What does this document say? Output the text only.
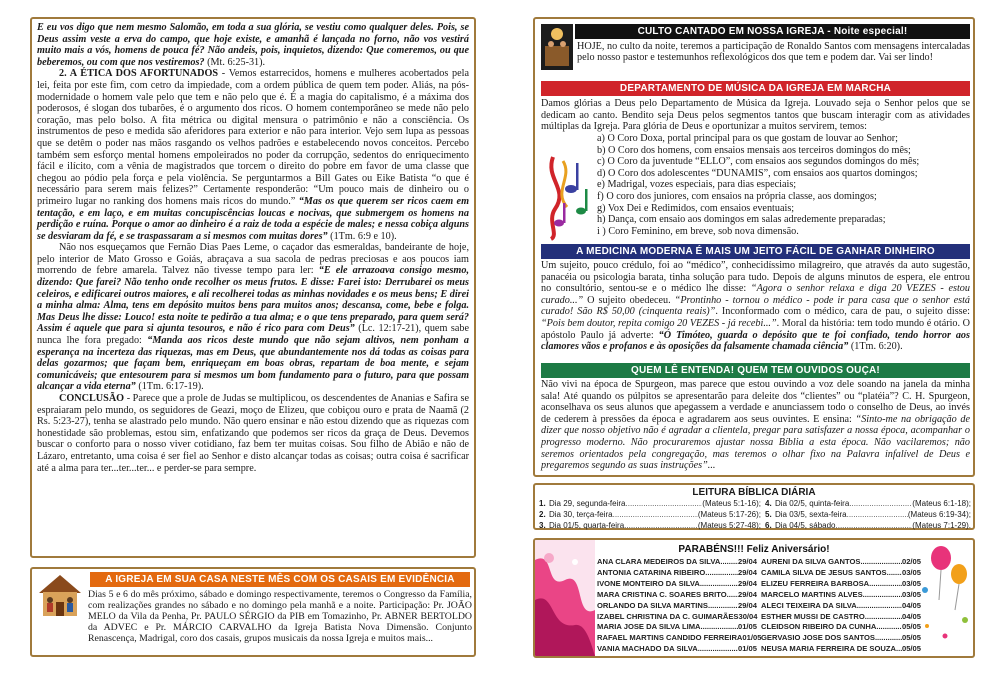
E eu vos digo que nem mesmo Salomão, em toda a sua glória, se vestiu como qualquer deles. Pois, se Deus assim veste a erva do campo, que hoje existe, e amanhã é lançada no forno, não vos vestirá muito mais a vós, homens de pouca fé? Não andeis, pois, inquietos, dizendo: Que comeremos, ou que beberemos, ou com que nos vestiremos? (Mt. 6:25-31).

2. A ÉTICA DOS AFORTUNADOS - Vemos estarrecidos, homens e mulheres acobertados pela lei, feita por este fim, com cetro da impiedade, com a ordem pública de quem tem poder. Aliás, na pós-modernidade o homem vale pelo que tem e não pelo que é. É a magia do capitalismo, é a máxima dos poderosos, é slogan dos tubarões, é o argumento dos ricos. O homem contemporâneo se mede não pelo coração, mas pelo bolso. A fita métrica ou digital mensura o patrimônio e não a consciência. Os instrumentos de peso e medida são aferidores para exterior e não para interior. Vejo sem lupa as pessoas que se detêm o poder nas mãos rasgando os velhos padrões e estabelecendo novos conceitos. Percebo também sem esforço mental homens empoleirados no poder da corrupção, sedentos do enriquecimento fácil e ilícito, com a vênia de magistrados que torcem o direito do pobre em favor de uma classe que chegou ao pódio pela força e pela violência. Se perguntarmos a Bill Gates ou Eike Batista “o que é necessário para serem mais felizes?” Certamente responderão: “Um pouco mais de dinheiro ou o primeiro lugar no ranking dos homens mais ricos do mundo.” “Mas os que querem ser ricos caem em tentação, e em laço, e em muitas concupiscências loucas e nocivas, que submergem os homens na perdição e ruína. Porque o amor ao dinheiro é a raiz de toda a espécie de males; e nessa cobiça alguns se desviaram da fé, e se traspassaram a si mesmos com muitas dores” (1Tm. 6:9 e 10).

Não nos esqueçamos que Fernão Dias Paes Leme, o caçador das esmeraldas, bandeirante de hoje, pelo interior de Mato Grosso e Goiás, abraçava a sua sacola de pedras preciosas e aos poucos iam morrendo de febre amarela. Talvez não tivesse tempo para ler: “E ele arrazoava consigo mesmo, dizendo: Que farei? Não tenho onde recolher os meus frutos. E disse: Farei isto: Derrubarei os meus celeiros, e edificarei outros maiores, e ali recolherei todas as minhas novidades e os meus bens; E direi a minha alma: Alma, tens em depósito muitos bens para muitos anos; descansa, come, bebe e folga. Mas Deus lhe disse: Louco! esta noite te pedirão a tua alma; e o que tens preparado, para quem será? Assim é aquele que para si ajunta tesouros, e não é rico para com Deus” (Lc. 12:17-21), quem sabe nunca lhe fora pregado: “Manda aos ricos deste mundo que não sejam altivos, nem ponham a esperança na incerteza das riquezas, mas em Deus, que abundantemente nos dá todas as coisas para delas gozarmos; que façam bem, enriqueçam em boas obras, repartam de boa mente, e sejam comunicáveis; que entesourem para si mesmos um bom fundamento para o futuro, para que possam alcançar a vida eterna” (1Tm. 6:17-19).

CONCLUSÃO - Parece que a prole de Judas se multiplicou, os descendentes de Ananias e Safira se espraiaram pelo mundo, os seguidores de Geazi, moço de Elizeu, que cobiçou ouro e prata de Naamã (2 Rs. 5:23-27), tenha se alastrado pelo mundo. Não quero ensinar e não estou dizendo que as riquezas com honestidade são problemas, estou sim, enfatizando que podemos ser ricos da graça de Deus. Devemos buscar o conforto para o nosso viver cotidiano, faz bem ter muitas coisas. Sou filho de Abião e não de Lázaro, entretanto, uma coisa é ser fiel ao Senhor e disto alcançar todas as coisas; outra coisa é sacrificar até a alma para ter...ter...ter... e perder-se para sempre.

A IGREJA EM SUA CASA NESTE MÊS COM OS CASAIS EM EVIDÊNCIA
Dias 5 e 6 do mês próximo, sábado e domingo respectivamente, teremos o Congresso da Família, com realizações grandes no sábado e no domingo pela manhã e a noite. Participação: Pr. JOÃO MELO da Vila da Penha, Pr. PAULO SÉRGIO da PIB em Tomazinho, Pr. ABNER BERTOLDO da ADVEC e Pr. MÁRCIO CARVALHO da Igreja Batista Nova Dimensão. Conjunto Renascença, Madrigal, coro dos casais, grupos musicais da nossa Igreja e muitos mais...
CULTO CANTADO EM NOSSA IGREJA - Noite especial!
HOJE, no culto da noite, teremos a participação de Ronaldo Santos com mensagens intercaladas pelo nosso pastor e testemunhos reflexológicos dos que tem e podem dar. Vai ser lindo!
DEPARTAMENTO DE MÚSICA DA IGREJA EM MARCHA
Damos glórias a Deus pelo Departamento de Música da Igreja. Louvado seja o Senhor pelos que se dedicam ao canto. Bendito seja Deus pelos segmentos tantos que buscam interagir com as atividades múltiplas da Igreja. Para glória de Deus e oportunizar a muitos servirem, temos:
a) O Coro Doxa, portal principal para os que gostam de louvar ao Senhor;
b) O Coro dos homens, com ensaios mensais aos terceiros domingos do mês;
c) O Coro da juventude “ELLO”, com ensaios aos segundos domingos do mês;
d) O Coro dos adolescentes “DUNAMIS”, com ensaios aos quartos domingos;
e) Madrigal, vozes especiais, para dias especiais;
f) O coro dos juniores, com ensaios na própria classe, aos domingos;
g) Vox Dei e Redimidos, com ensaios eventuais;
h) Dança, com ensaio aos domingos em salas adredemente preparadas;
i ) Coro Feminino, em breve, sob nova dimensão.
A MEDICINA MODERNA É MAIS UM JEITO FÁCIL DE GANHAR DINHEIRO
Um sujeito, pouco crédulo, foi ao “médico”, conhecidíssimo milagreiro, que através da auto sugestão, panacéia ou psicologia barata, tinha solução para tudo. Depois de alguns minutos de espera, ele entrou no consultório, sentou-se e o médico lhe disse: “Agora o senhor relaxa e diga 20 VEZES - estou curado...” O sujeito obedeceu. “Prontinho - tornou o médico - pode ir para casa que o senhor está curado! São R$ 50,00 (cinquenta reais)”. Inconformado com o médico, cara de pau, o sujeito disse: “Pois bem doutor, repita comigo 20 VEZES - já recebi...”. Moral da história: tem todo mundo é otário. O apóstolo Paulo já adverte: “Ó Timóteo, guarda o depósito que te foi confiado, tendo horror aos clamores vãos e profanos e às oposições da falsamente chamada ciência” (1Tm. 6:20).
QUEM LÊ ENTENDA! QUEM TEM OUVIDOS OUÇA!
Não vivi na época de Spurgeon, mas parece que estou ouvindo a voz dele soando na janela da minha sala! Até quando os púlpitos se apresentarão para deleite dos “clientes” ou “platéia”? C. H. Spurgeon, aconselhava os seus alunos que apegassem a verdade e anunciassem todo o conselho de Deus, ao invés de cederem à pressões da época e agradarem aos seus ouvintes. E ensina: “Sinto-me na obrigação de dizer que nosso objetivo não é agradar a clientela, pregar para satisfazer a nossa época, acompanhar o progresso moderno. Não procuraremos ajustar nossa Bíblia a esta época. Não vacilaremos; não seremos orientados pela congregação, mas teremos o olhar fixo na Palavra infalível de Deus e pregaremos segundo as suas instruções”...
LEITURA BÍBLICA DIÁRIA
1. Dia 29, segunda-feira .....	(Mateus 5:1-16); 4. Dia 02/5, quinta-feira .....	(Mateus 6:1-18);
2. Dia 30, terça-feira .....	(Mateus 5:17-26); 5. Dia 03/5, sexta-feira .....	(Mateus 6:19-34);
3. Dia 01/5, quarta-feira .....	(Mateus 5:27-48); 6. Dia 04/5, sábado .....	(Mateus 7:1-29).
PARABÉNS!!! Feliz Aniversário!
ANA CLARA MEDEIROS DA SILVA ..... 29/04
ANTONIA CATARINA RIBEIRO .....	29/04
IVONE MONTEIRO DA SILVA .....	29/04
MARA CRISTINA C. SOARES BRITO ..... 29/04
ORLANDO DA SILVA MARTINS .....	29/04
IZABEL CHRISTINA DA C. GUIMARÃES 30/04
MARIA JOSE DA SILVA LIMA .....	01/05
RAFAEL MARTINS CANDIDO FERREIRA 01/05
VANIA MACHADO DA SILVA .....	01/05
AURENI DA SILVA GANTOS .....	02/05
CAMILA SILVA DE JESUS SANTOS ..... 03/05
ELIZEU FERREIRA BARBOSA .....	03/05
MARCELO MARTINS ALVES .....	03/05
ALECI TEIXEIRA DA SILVA .....	04/05
ESTHER MUSSI DE CASTRO .....	04/05
CLEIDSON RIBEIRO DA CUNHA .....	05/05
GERVASIO JOSE DOS SANTOS .....	05/05
NEUSA MARIA FERREIRA DE SOUZA ..... 05/05
